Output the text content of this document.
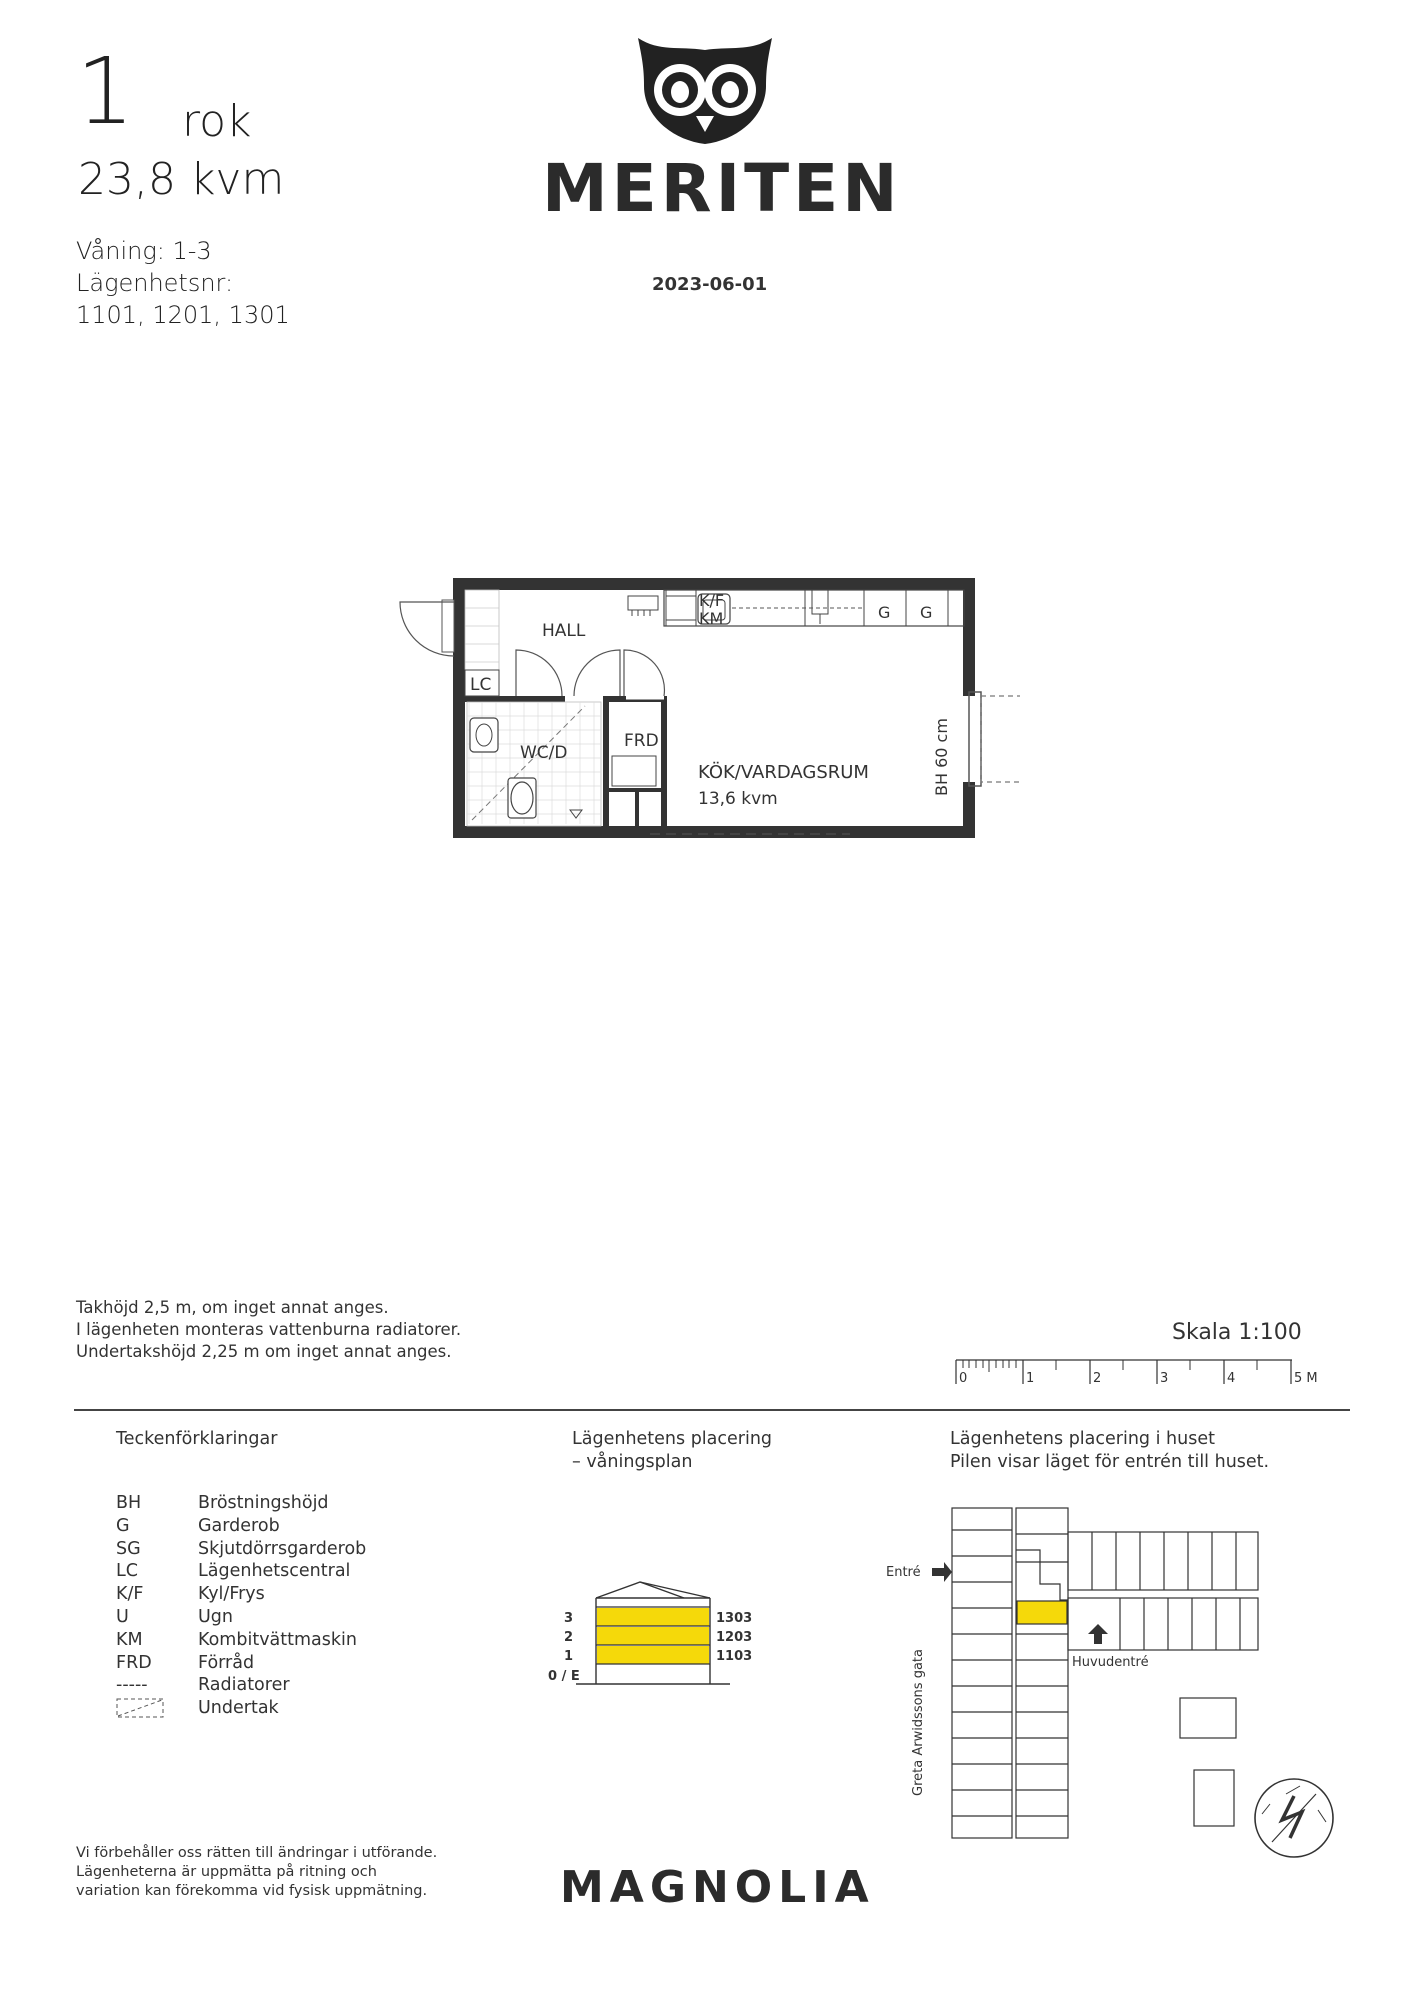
1 rok
23,8 kvm
Våning: 1-3
Lägenhetsnr:
1101, 1201, 1301
MERITEN
2023-06-01
HALL
LC
WC/D
FRD
K/F
KM	G G
KÖK/VARDAGSRUM
13,6 kvm
BH 60 cm
Takhöjd 2,5 m, om inget annat anges.
I lägenheten monteras vattenburna radiatorer.
Undertakshöjd 2,25 m om inget annat anges.
Skala 1:100
0	1	2	3	4	5 M
Teckenförklaringar
BH	Bröstningshöjd
G	Garderob
SG	Skjutdörrsgarderob
LC	Lägenhetscentral
K/F	Kyl/Frys
U	Ugn
KM	Kombitvättmaskin
FRD	Förråd
-----	Radiatorer
Undertak
Lägenhetens placering
– våningsplan
3
2
1
0 / E
1303
1203
1103
Lägenhetens placering i huset
Pilen visar läget för entrén till huset.
Entré
Huvudentré
Greta Arwidssons gata
Vi förbehåller oss rätten till ändringar i utförande.
Lägenheterna är uppmätta på ritning och
variation kan förekomma vid fysisk uppmätning.	MAGNOLIA
